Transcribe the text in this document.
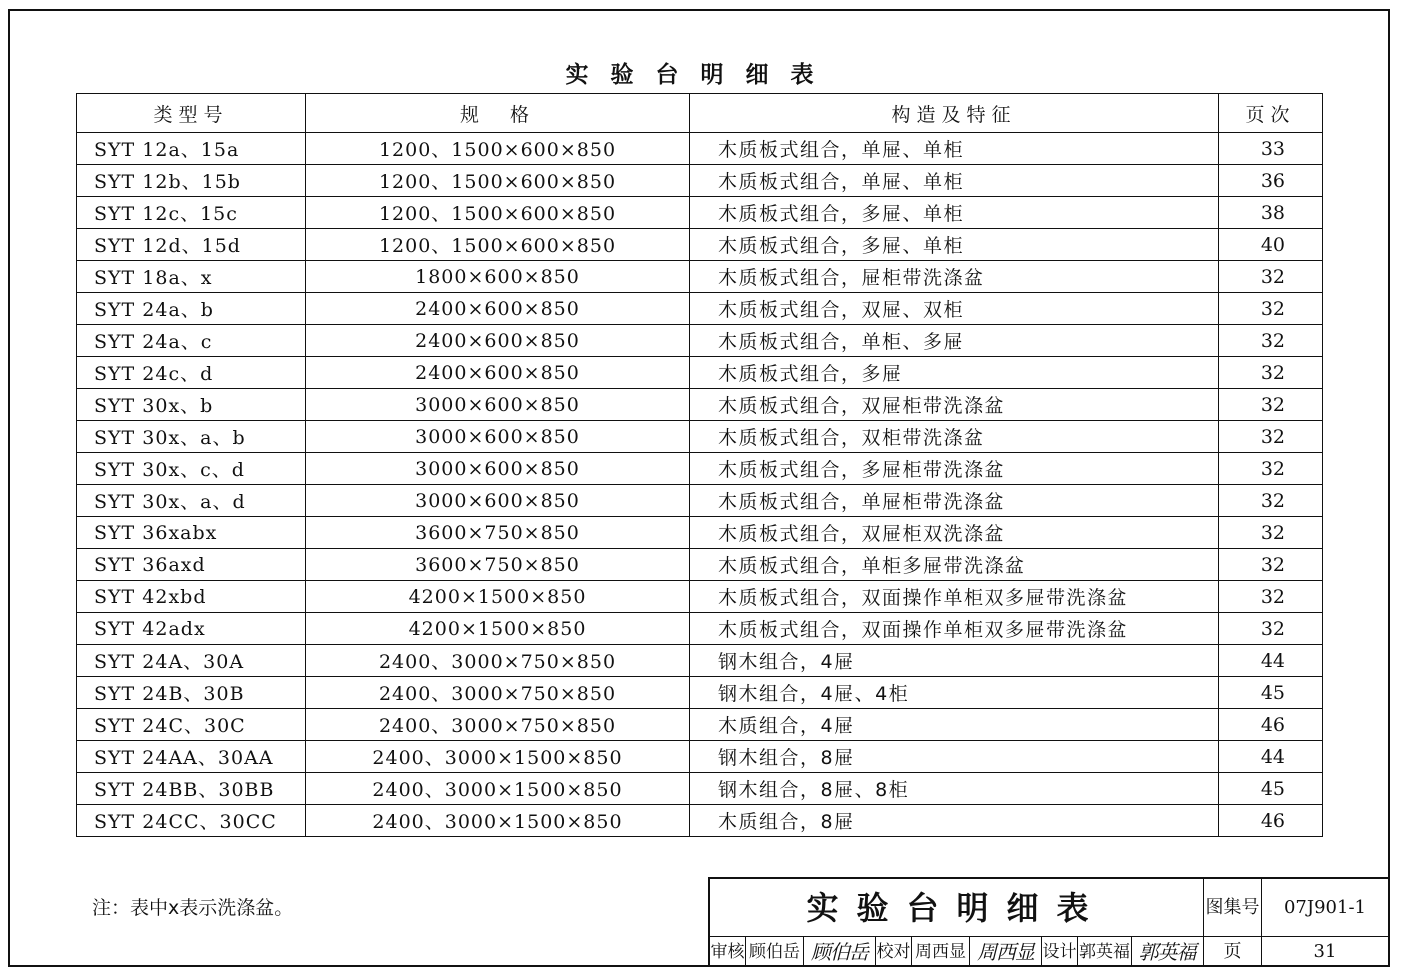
实验台明细表
类型号	规　格	构造及特征	页次
SYT 12a、15a	1200、1500×600×850	木质板式组合，单屉、单柜	33
SYT 12b、15b	1200、1500×600×850	木质板式组合，单屉、单柜	36
SYT 12c、15c	1200、1500×600×850	木质板式组合，多屉、单柜	38
SYT 12d、15d	1200、1500×600×850	木质板式组合，多屉、单柜	40
SYT 18a、x	1800×600×850	木质板式组合，屉柜带洗涤盆	32
SYT 24a、b	2400×600×850	木质板式组合，双屉、双柜	32
SYT 24a、c	2400×600×850	木质板式组合，单柜、多屉	32
SYT 24c、d	2400×600×850	木质板式组合，多屉	32
SYT 30x、b	3000×600×850	木质板式组合，双屉柜带洗涤盆	32
SYT 30x、a、b	3000×600×850	木质板式组合，双柜带洗涤盆	32
SYT 30x、c、d	3000×600×850	木质板式组合，多屉柜带洗涤盆	32
SYT 30x、a、d	3000×600×850	木质板式组合，单屉柜带洗涤盆	32
SYT 36xabx	3600×750×850	木质板式组合，双屉柜双洗涤盆	32
SYT 36axd	3600×750×850	木质板式组合，单柜多屉带洗涤盆	32
SYT 42xbd	4200×1500×850	木质板式组合，双面操作单柜双多屉带洗涤盆	32
SYT 42adx	4200×1500×850	木质板式组合，双面操作单柜双多屉带洗涤盆	32
SYT 24A、30A	2400、3000×750×850	钢木组合，4屉	44
SYT 24B、30B	2400、3000×750×850	钢木组合，4屉、4柜	45
SYT 24C、30C	2400、3000×750×850	木质组合，4屉	46
SYT 24AA、30AA	2400、3000×1500×850	钢木组合，8屉	44
SYT 24BB、30BB	2400、3000×1500×850	钢木组合，8屉、8柜	45
SYT 24CC、30CC	2400、3000×1500×850	木质组合，8屉	46
注：表中x表示洗涤盆。	实验台明细表	图集号	07J901-1
页	31
审核 顾伯岳 顾伯岳 校对 周西显 周西显 设计 郭英福 郭英福
